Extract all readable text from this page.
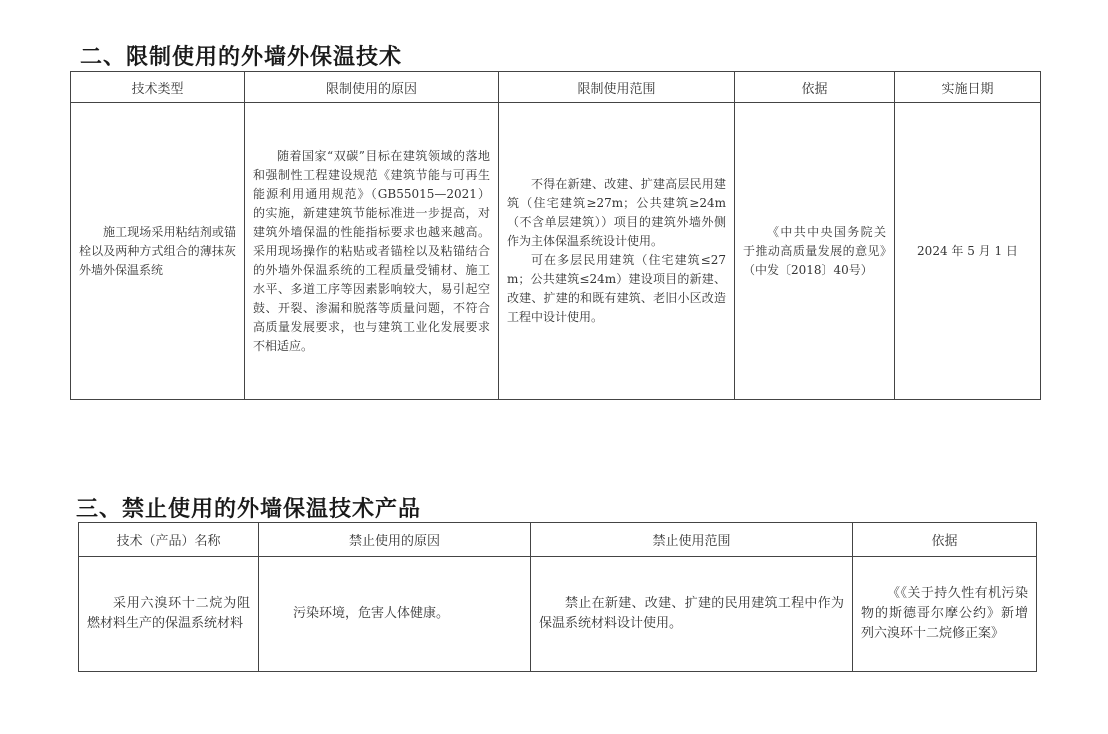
二、限制使用的外墙外保温技术
技术类型	限制使用的原因	限制使用范围	依据	实施日期

施工现场采用粘结剂或锚栓以及两种方式组合的薄抹灰外墙外保温系统	随着国家“双碳”目标在建筑领域的落地和强制性工程建设规范《建筑节能与可再生能源利用通用规范》（GB55015—2021）的实施，新建建筑节能标准进一步提高，对建筑外墙保温的性能指标要求也越来越高。采用现场操作的粘贴或者锚栓以及粘锚结合的外墙外保温系统的工程质量受铺材、施工水平、多道工序等因素影响较大，易引起空鼓、开裂、渗漏和脱落等质量问题，不符合高质量发展要求，也与建筑工业化发展要求不相适应。	不得在新建、改建、扩建高层民用建筑（住宅建筑≥27m；公共建筑≥24m（不含单层建筑））项目的建筑外墙外侧作为主体保温系统设计使用。

可在多层民用建筑（住宅建筑≤27m；公共建筑≤24m）建设项目的新建、改建、扩建的和既有建筑、老旧小区改造工程中设计使用。	《中共中央国务院关于推动高质量发展的意见》（中发〔2018〕40号）	2024 年 5 月 1 日

三、禁止使用的外墙保温技术产品
技术（产品）名称	禁止使用的原因	禁止使用范围	依据

采用六溴环十二烷为阻燃材料生产的保温系统材料	污染环境，危害人体健康。	禁止在新建、改建、扩建的民用建筑工程中作为保温系统材料设计使用。	《《关于持久性有机污染物的斯德哥尔摩公约》新增列六溴环十二烷修正案》
